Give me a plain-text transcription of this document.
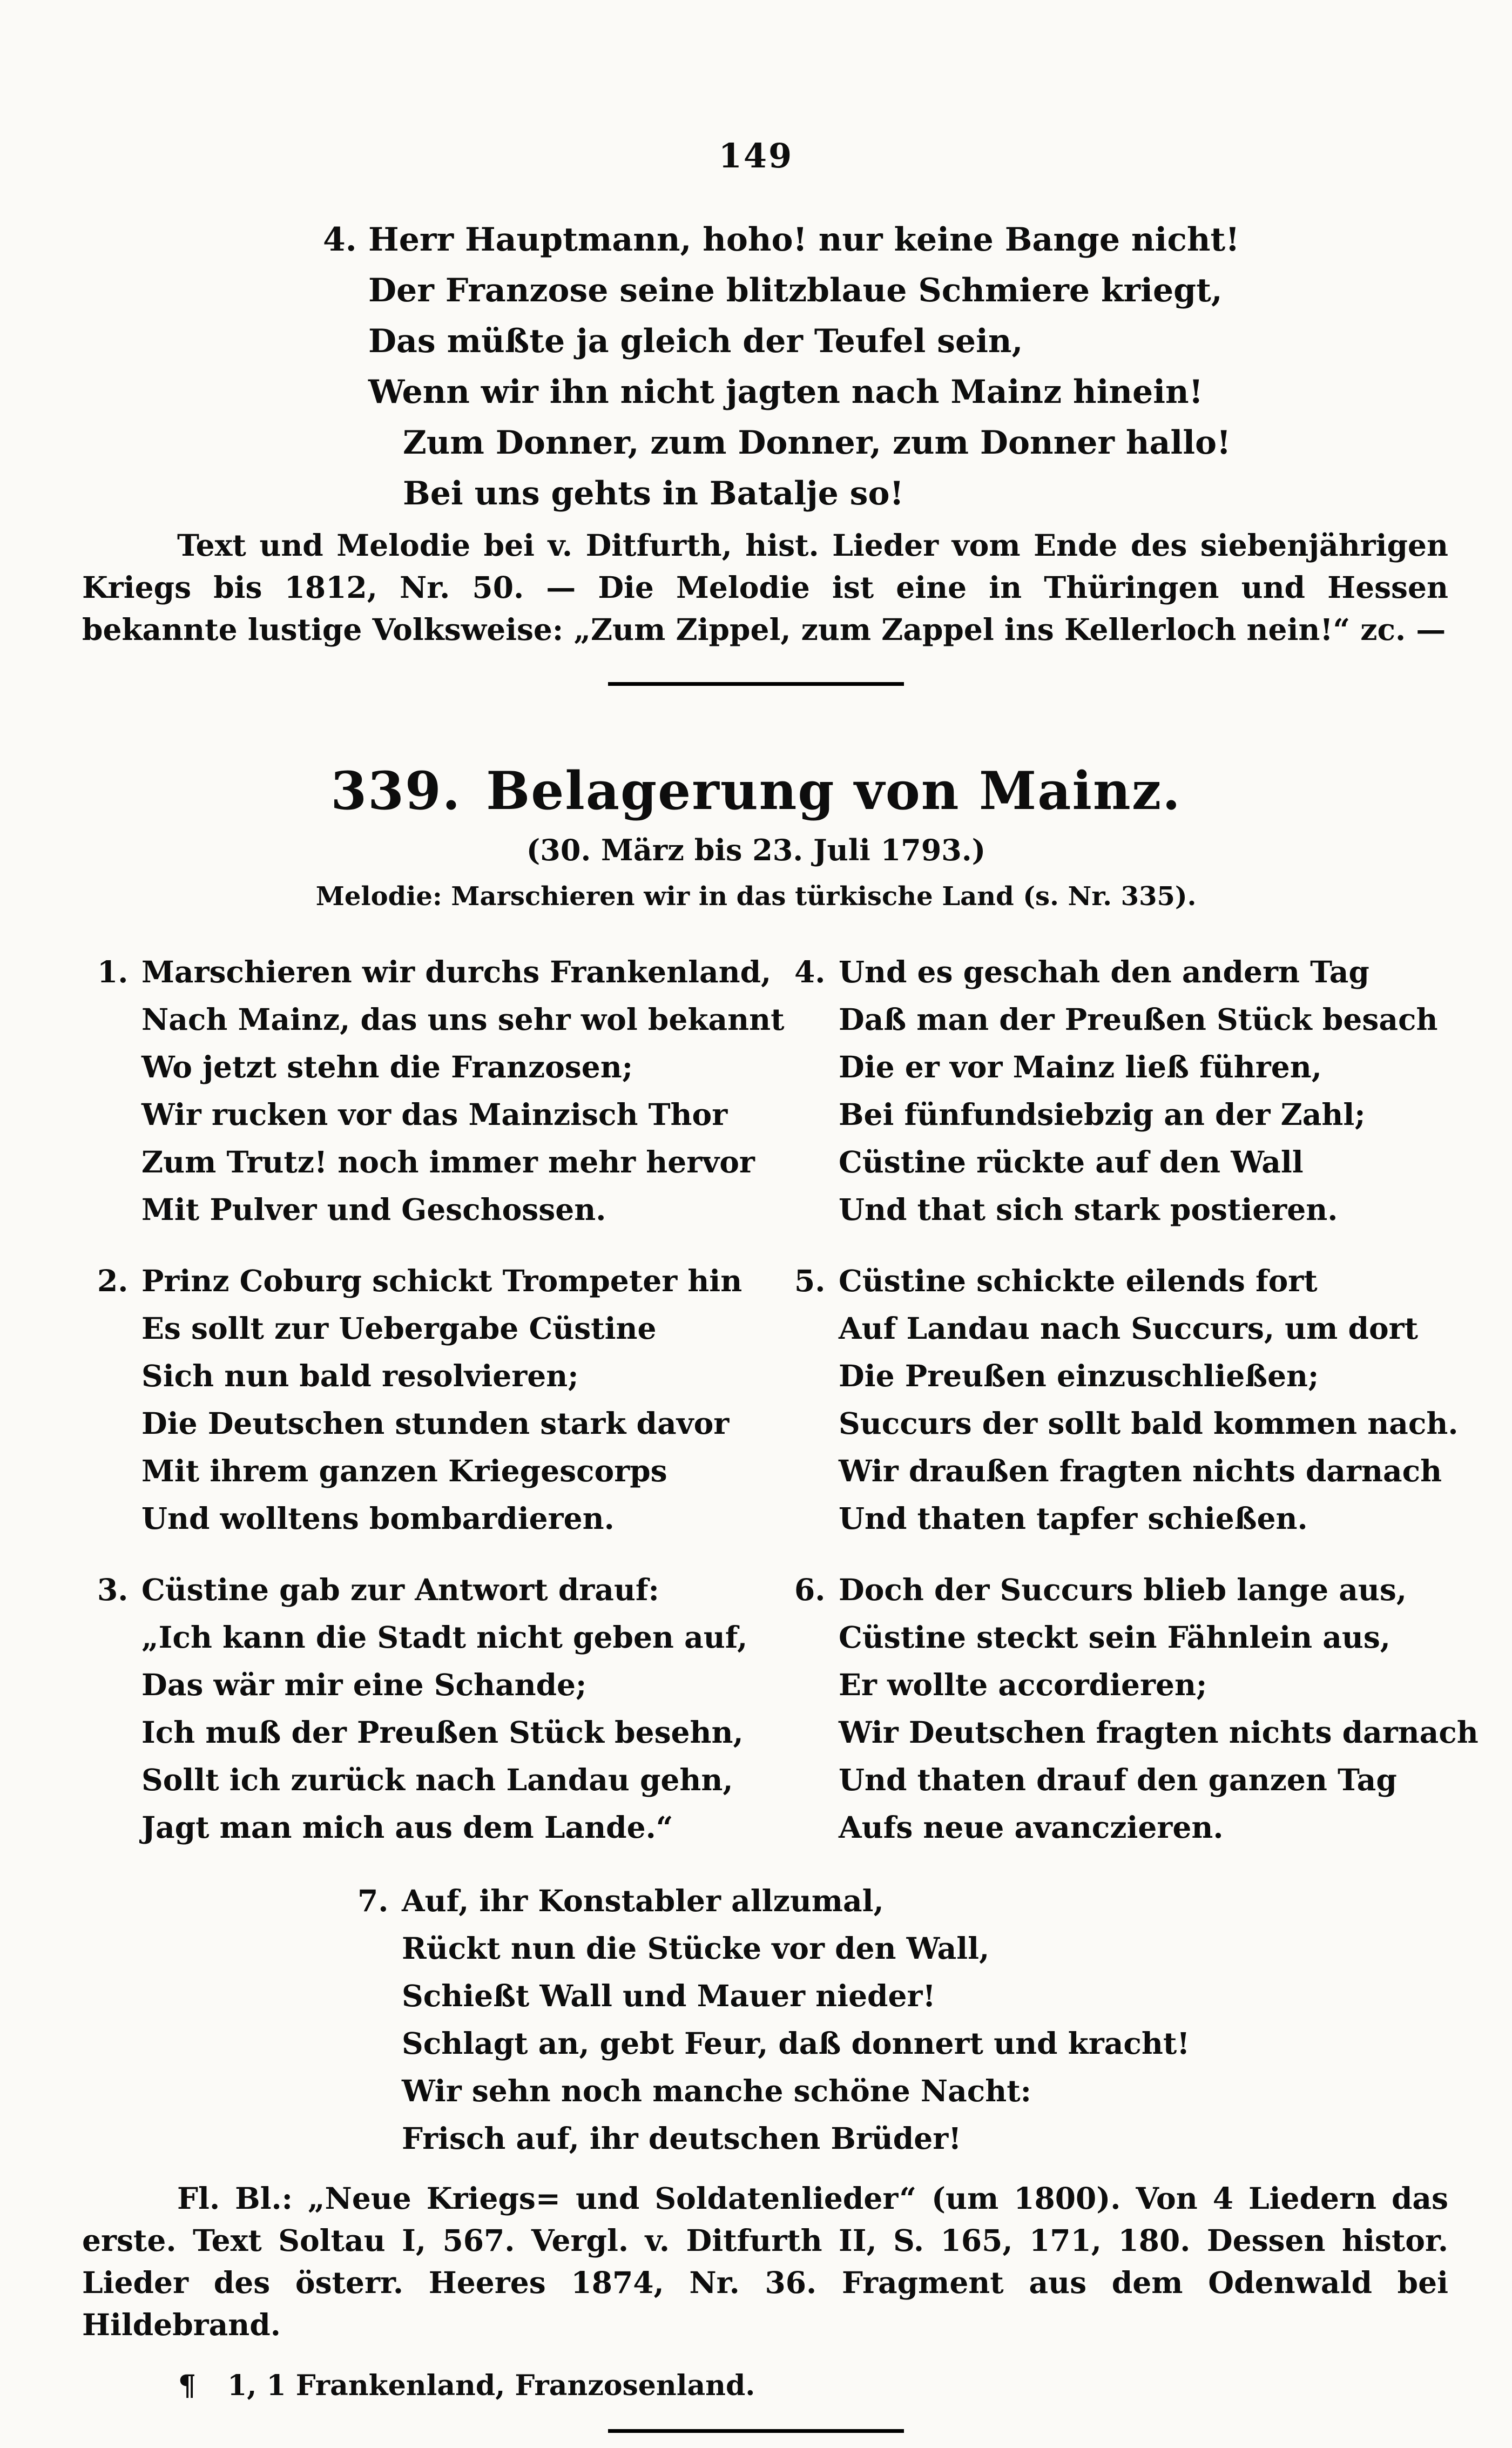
149
4. Herr Hauptmann, hoho! nur keine Bange nicht!
Der Franzose seine blitzblaue Schmiere kriegt,
Das müßte ja gleich der Teufel sein,
Wenn wir ihn nicht jagten nach Mainz hinein!
Zum Donner, zum Donner, zum Donner hallo!
Bei uns gehts in Batalje so!

Text und Melodie bei v. Ditfurth, hist. Lieder vom Ende des siebenjährigen Kriegs bis 1812, Nr. 50. — Die Melodie ist eine in Thüringen und Hessen bekannte lustige Volksweise: „Zum Zippel, zum Zappel ins Kellerloch nein!“ zc. —

339. Belagerung von Mainz.
(30. März bis 23. Juli 1793.)
Melodie: Marschieren wir in das türkische Land (s. Nr. 335).
1. Marschieren wir durchs Frankenland,
Nach Mainz, das uns sehr wol bekannt
Wo jetzt stehn die Franzosen;
Wir rucken vor das Mainzisch Thor
Zum Trutz! noch immer mehr hervor
Mit Pulver und Geschossen.
2. Prinz Coburg schickt Trompeter hin
Es sollt zur Uebergabe Cüstine
Sich nun bald resolvieren;
Die Deutschen stunden stark davor
Mit ihrem ganzen Kriegescorps
Und wolltens bombardieren.
3. Cüstine gab zur Antwort drauf:
„Ich kann die Stadt nicht geben auf,
Das wär mir eine Schande;
Ich muß der Preußen Stück besehn,
Sollt ich zurück nach Landau gehn,
Jagt man mich aus dem Lande.“
4. Und es geschah den andern Tag
Daß man der Preußen Stück besach
Die er vor Mainz ließ führen,
Bei fünfundsiebzig an der Zahl;
Cüstine rückte auf den Wall
Und that sich stark postieren.
5. Cüstine schickte eilends fort
Auf Landau nach Succurs, um dort
Die Preußen einzuschließen;
Succurs der sollt bald kommen nach.
Wir draußen fragten nichts darnach
Und thaten tapfer schießen.
6. Doch der Succurs blieb lange aus,
Cüstine steckt sein Fähnlein aus,
Er wollte accordieren;
Wir Deutschen fragten nichts darnach
Und thaten drauf den ganzen Tag
Aufs neue avanczieren.
7. Auf, ihr Konstabler allzumal,
Rückt nun die Stücke vor den Wall,
Schießt Wall und Mauer nieder!
Schlagt an, gebt Feur, daß donnert und kracht!
Wir sehn noch manche schöne Nacht:
Frisch auf, ihr deutschen Brüder!

Fl. Bl.: „Neue Kriegs= und Soldatenlieder“ (um 1800). Von 4 Liedern das erste. Text Soltau I, 567. Vergl. v. Ditfurth II, S. 165, 171, 180. Dessen histor. Lieder des österr. Heeres 1874, Nr. 36. Fragment aus dem Odenwald bei Hildebrand.

¶ 1, 1 Frankenland, Franzosenland.
